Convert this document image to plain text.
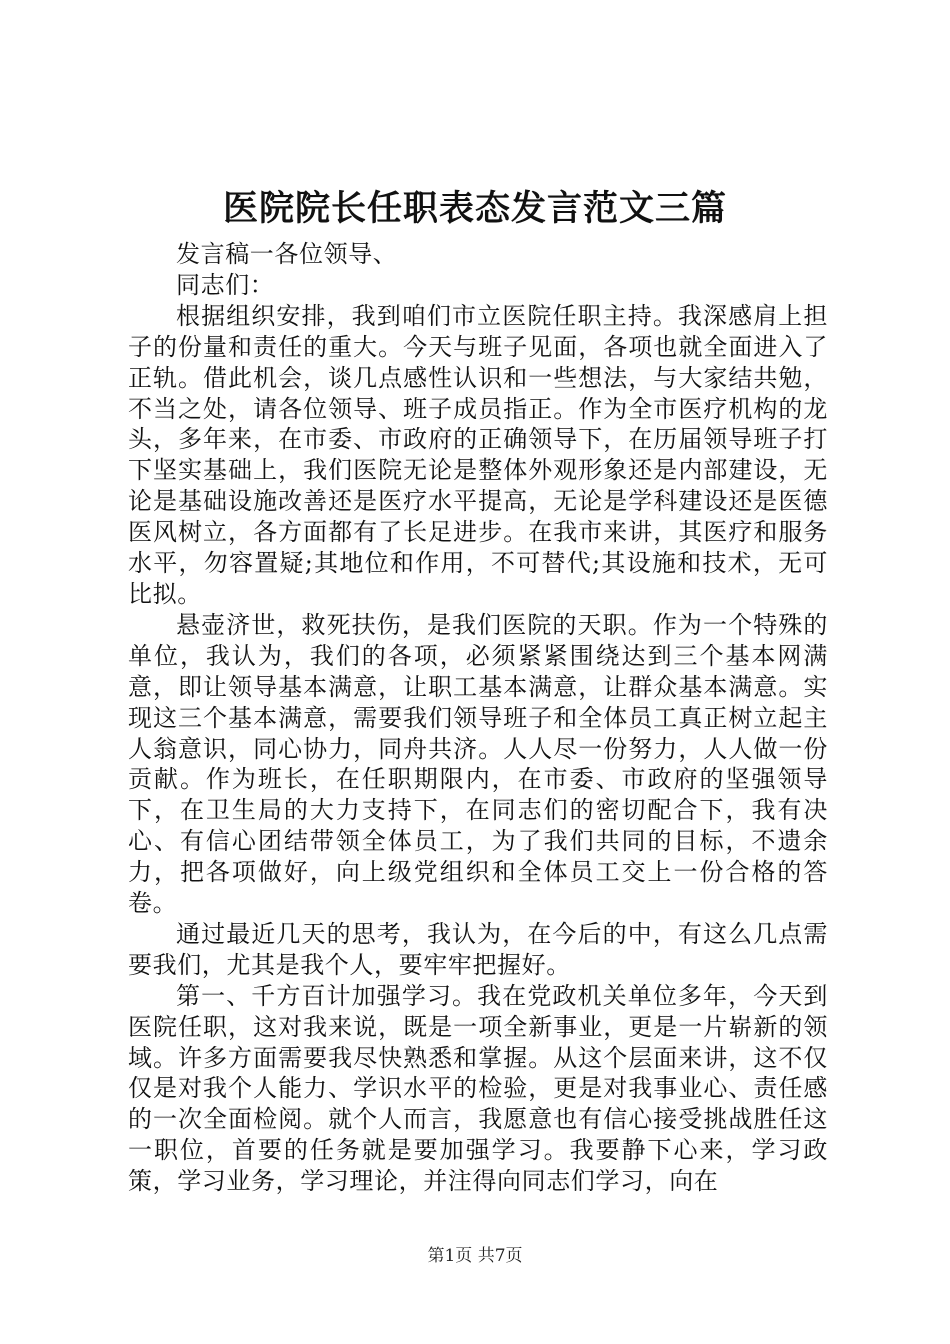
医院院长任职表态发言范文三篇

发言稿一各位领导、

同志们：

根据组织安排，我到咱们市立医院任职主持。我深感肩上担子的份量和责任的重大。今天与班子见面，各项也就全面进入了正轨。借此机会，谈几点感性认识和一些想法，与大家结共勉，不当之处，请各位领导、班子成员指正。作为全市医疗机构的龙头，多年来，在市委、市政府的正确领导下，在历届领导班子打下坚实基础上，我们医院无论是整体外观形象还是内部建设，无论是基础设施改善还是医疗水平提高，无论是学科建设还是医德医风树立，各方面都有了长足进步。在我市来讲，其医疗和服务水平，勿容置疑;其地位和作用，不可替代;其设施和技术，无可比拟。

悬壶济世，救死扶伤，是我们医院的天职。作为一个特殊的单位，我认为，我们的各项，必须紧紧围绕达到三个基本网满意，即让领导基本满意，让职工基本满意，让群众基本满意。实现这三个基本满意，需要我们领导班子和全体员工真正树立起主人翁意识，同心协力，同舟共济。人人尽一份努力，人人做一份贡献。作为班长，在任职期限内，在市委、市政府的坚强领导下，在卫生局的大力支持下，在同志们的密切配合下，我有决心、有信心团结带领全体员工，为了我们共同的目标，不遗余力，把各项做好，向上级党组织和全体员工交上一份合格的答卷。

通过最近几天的思考，我认为，在今后的中，有这么几点需要我们，尤其是我个人，要牢牢把握好。

第一、千方百计加强学习。我在党政机关单位多年，今天到医院任职，这对我来说，既是一项全新事业，更是一片崭新的领域。许多方面需要我尽快熟悉和掌握。从这个层面来讲，这不仅仅是对我个人能力、学识水平的检验，更是对我事业心、责任感的一次全面检阅。就个人而言，我愿意也有信心接受挑战胜任这一职位，首要的任务就是要加强学习。我要静下心来，学习政策，学习业务，学习理论，并注得向同志们学习，向在

第1页 共7页
